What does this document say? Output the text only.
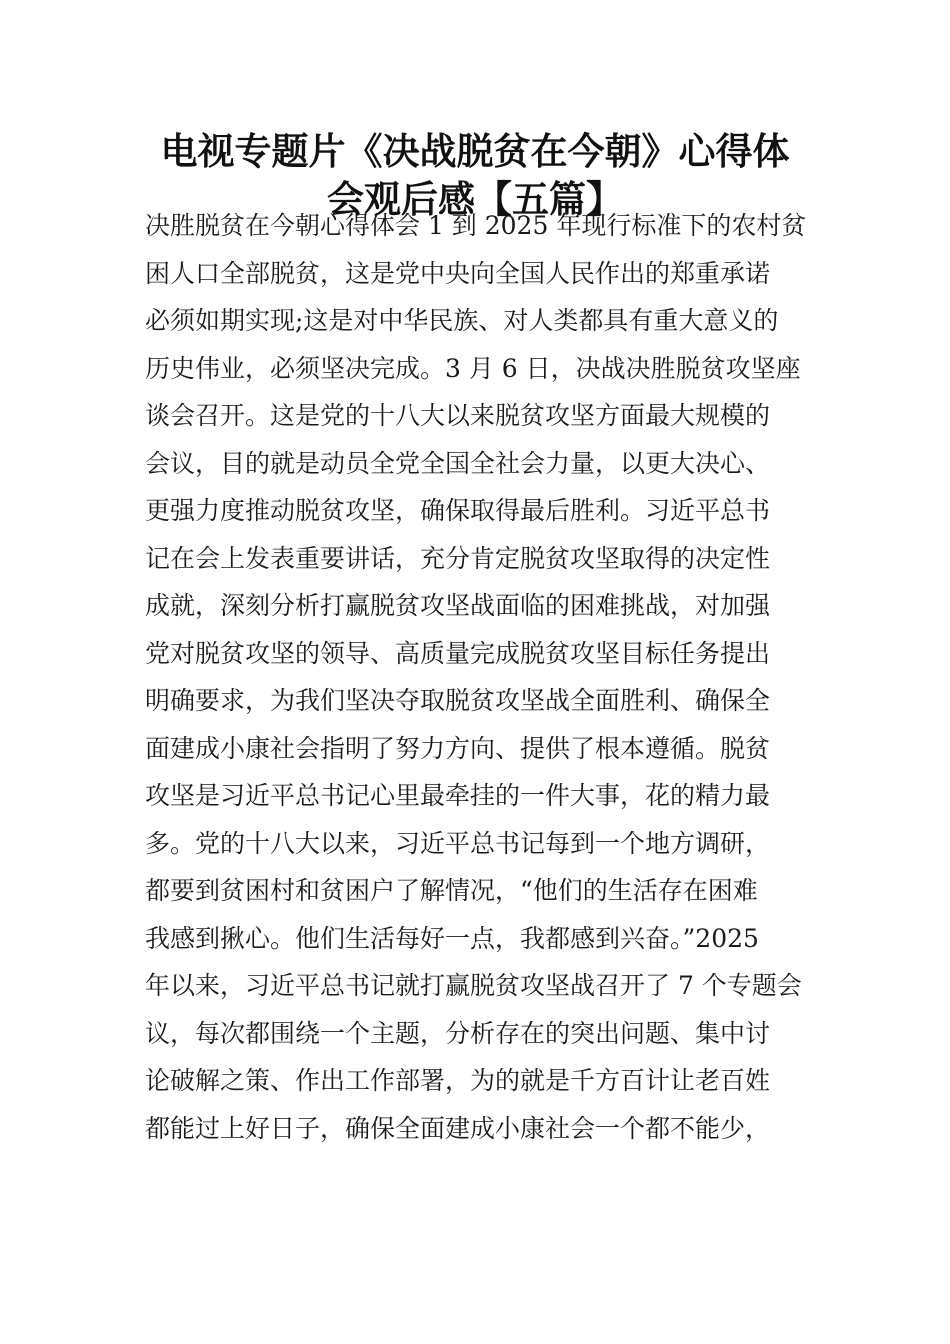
电视专题片《决战脱贫在今朝》心得体
会观后感【五篇】
决胜脱贫在今朝心得体会 1 到 2025 年现行标准下的农村贫
困人口全部脱贫，这是党中央向全国人民作出的郑重承诺
必须如期实现;这是对中华民族、对人类都具有重大意义的
历史伟业，必须坚决完成。3 月 6 日，决战决胜脱贫攻坚座
谈会召开。这是党的十八大以来脱贫攻坚方面最大规模的
会议，目的就是动员全党全国全社会力量，以更大决心、
更强力度推动脱贫攻坚，确保取得最后胜利。习近平总书
记在会上发表重要讲话，充分肯定脱贫攻坚取得的决定性
成就，深刻分析打赢脱贫攻坚战面临的困难挑战，对加强
党对脱贫攻坚的领导、高质量完成脱贫攻坚目标任务提出
明确要求，为我们坚决夺取脱贫攻坚战全面胜利、确保全
面建成小康社会指明了努力方向、提供了根本遵循。脱贫
攻坚是习近平总书记心里最牵挂的一件大事，花的精力最
多。党的十八大以来，习近平总书记每到一个地方调研，
都要到贫困村和贫困户了解情况，“他们的生活存在困难
我感到揪心。他们生活每好一点，我都感到兴奋。”2025
年以来，习近平总书记就打赢脱贫攻坚战召开了 7 个专题会
议，每次都围绕一个主题，分析存在的突出问题、集中讨
论破解之策、作出工作部署，为的就是千方百计让老百姓
都能过上好日子，确保全面建成小康社会一个都不能少，
